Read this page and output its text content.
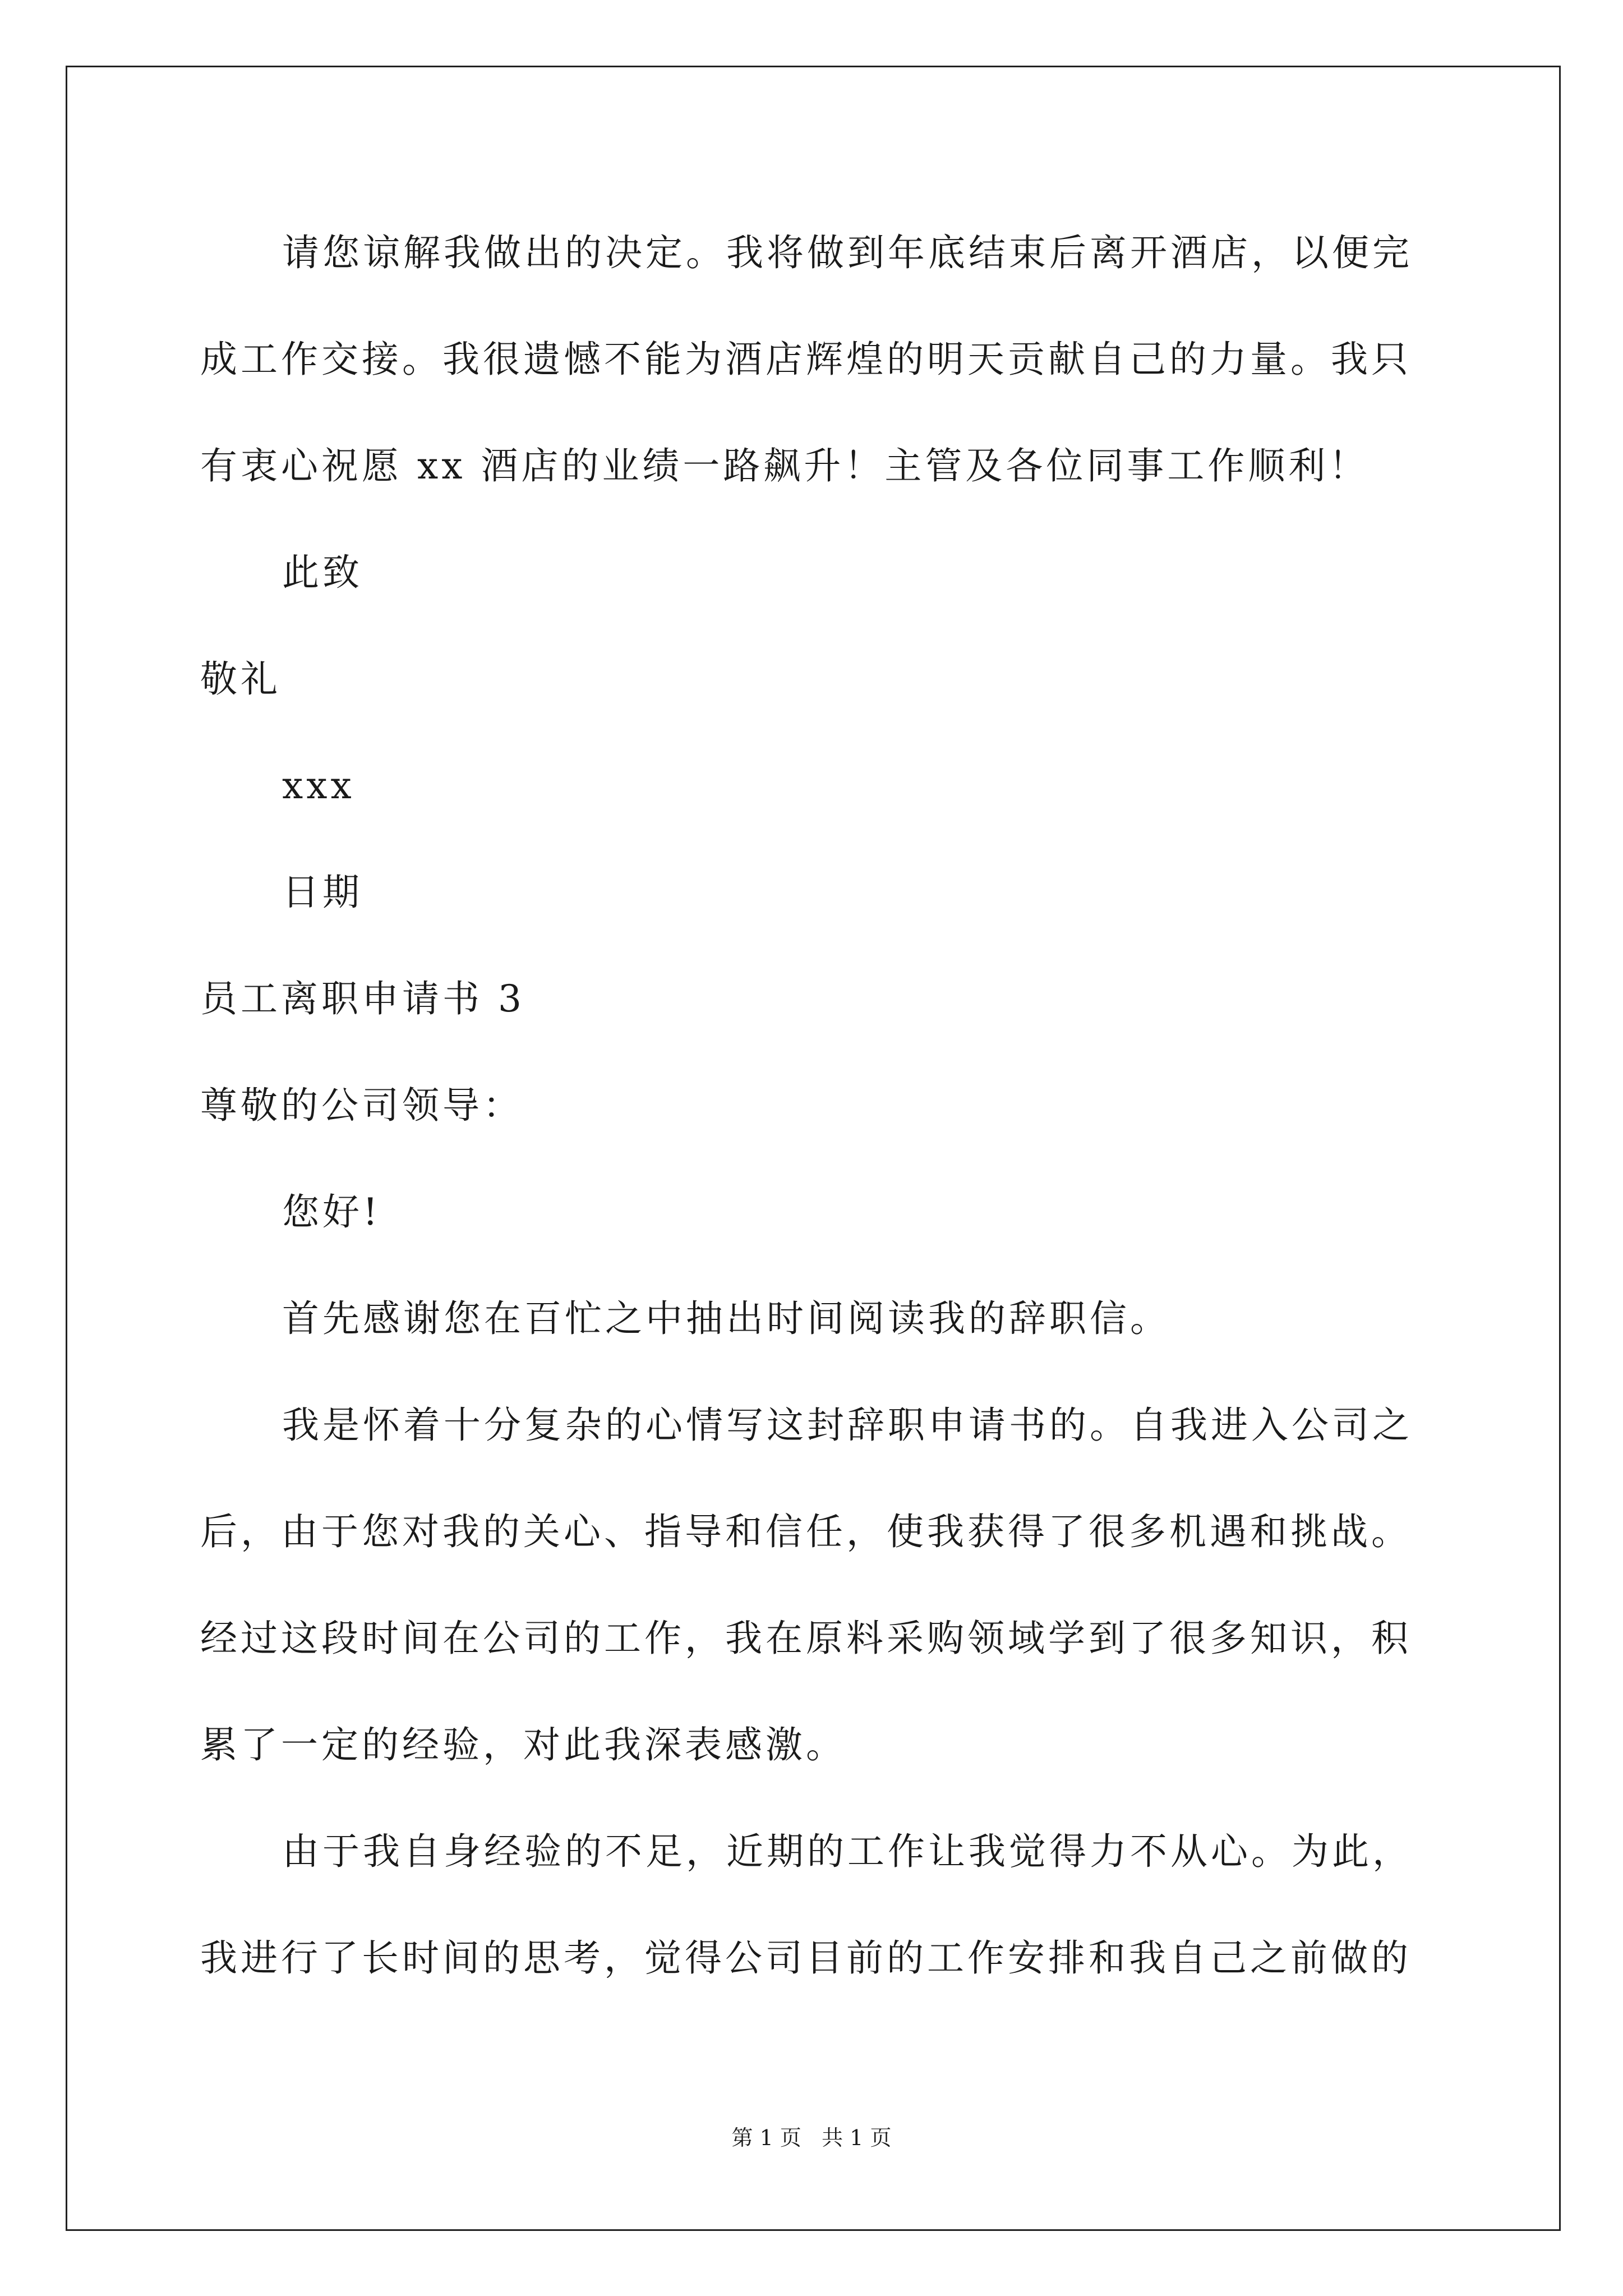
请您谅解我做出的决定。我将做到年底结束后离开酒店，以便完
成工作交接。我很遗憾不能为酒店辉煌的明天贡献自己的力量。我只
有衷心祝愿 xx 酒店的业绩一路飙升！主管及各位同事工作顺利！
此致
敬礼
xxx
日期
员工离职申请书 3
尊敬的公司领导：
您好!
首先感谢您在百忙之中抽出时间阅读我的辞职信。
我是怀着十分复杂的心情写这封辞职申请书的。自我进入公司之
后，由于您对我的关心、指导和信任，使我获得了很多机遇和挑战。
经过这段时间在公司的工作，我在原料采购领域学到了很多知识，积
累了一定的经验，对此我深表感激。
由于我自身经验的不足，近期的工作让我觉得力不从心。为此，
我进行了长时间的思考，觉得公司目前的工作安排和我自己之前做的
第 1 页   共 1 页
